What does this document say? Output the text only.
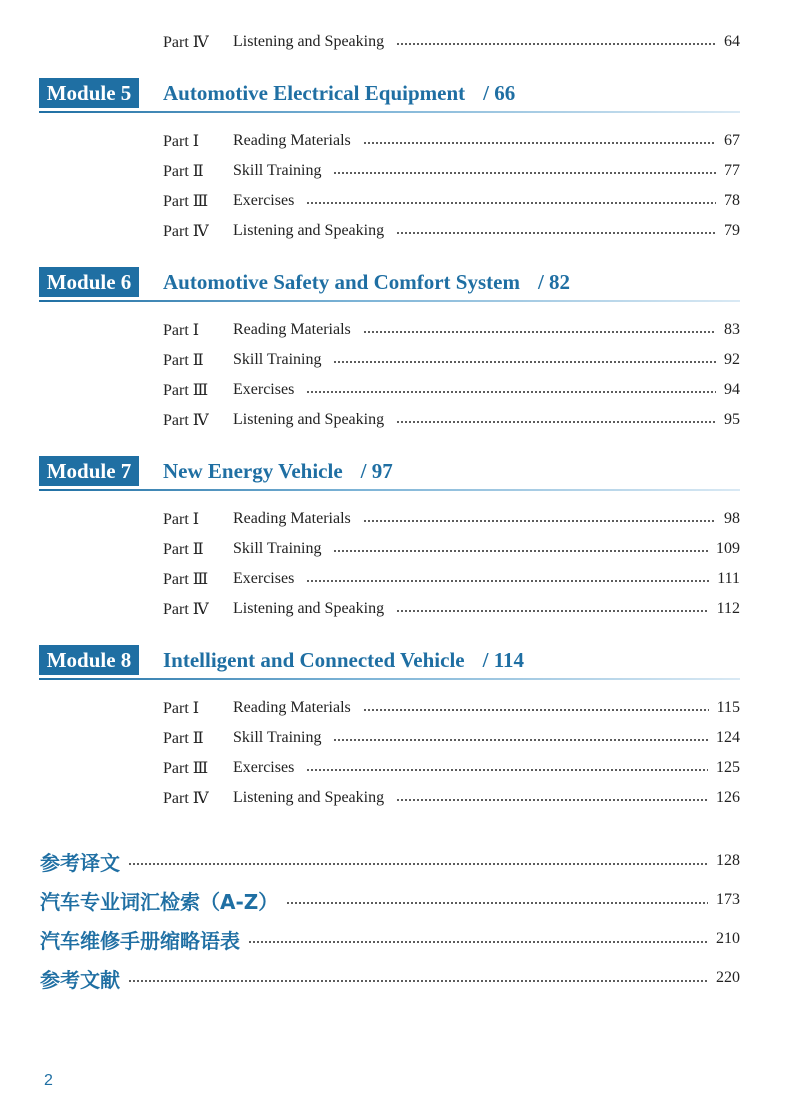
Part Ⅳ	Listening and Speaking	64
Module 5	Automotive Electrical Equipment / 66
Part Ⅰ	Reading Materials	67
Part Ⅱ	Skill Training	77
Part Ⅲ	Exercises	78
Part Ⅳ	Listening and Speaking	79
Module 6	Automotive Safety and Comfort System / 82
Part Ⅰ	Reading Materials	83
Part Ⅱ	Skill Training	92
Part Ⅲ	Exercises	94
Part Ⅳ	Listening and Speaking	95
Module 7	New Energy Vehicle / 97
Part Ⅰ	Reading Materials	98
Part Ⅱ	Skill Training	109
Part Ⅲ	Exercises	111
Part Ⅳ	Listening and Speaking	112
Module 8	Intelligent and Connected Vehicle / 114
Part Ⅰ	Reading Materials	115
Part Ⅱ	Skill Training	124
Part Ⅲ	Exercises	125
Part Ⅳ	Listening and Speaking	126
参考译文	128
汽车专业词汇检索（A-Z）	173
汽车维修手册缩略语表	210
参考文献	220
2
